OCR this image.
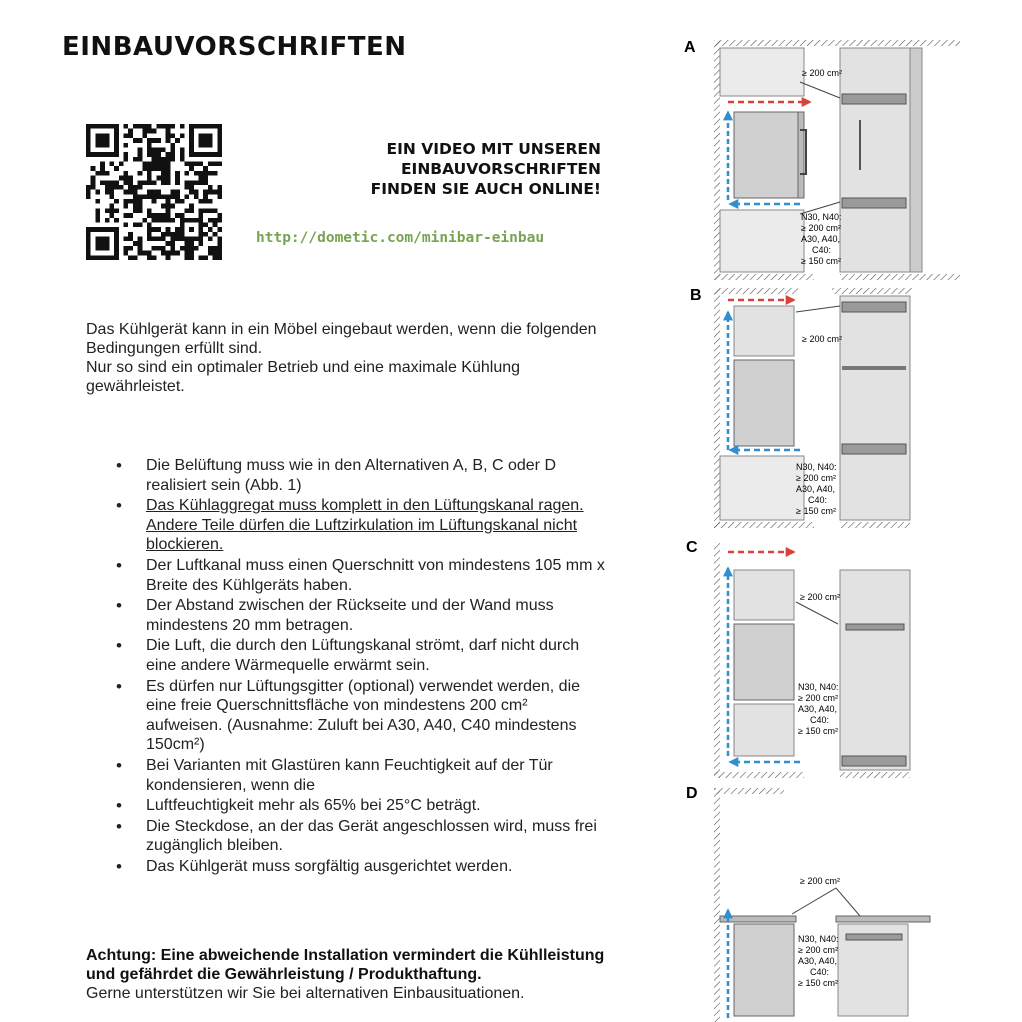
EINBAUVORSCHRIFTEN
EIN VIDEO MIT UNSEREN
EINBAUVORSCHRIFTEN
FINDEN SIE AUCH ONLINE!
http://dometic.com/minibar-einbau

Das Kühlgerät kann in ein Möbel eingebaut werden, wenn die folgenden Bedingungen erfüllt sind.

Nur so sind ein optimaler Betrieb und eine maximale Kühlung gewährleistet.

• Die Belüftung muss wie in den Alternativen A, B, C oder D realisiert sein (Abb. 1)
• Das Kühlaggregat muss komplett in den Lüftungskanal ragen. Andere Teile dürfen die Luftzirkulation im Lüftungskanal nicht blockieren.
• Der Luftkanal muss einen Querschnitt von mindestens 105 mm x Breite des Kühlgeräts haben.
• Der Abstand zwischen der Rückseite und der Wand muss mindestens 20 mm betragen.
• Die Luft, die durch den Lüftungskanal strömt, darf nicht durch eine andere Wärmequelle erwärmt sein.
• Es dürfen nur Lüftungsgitter (optional) verwendet werden, die eine freie Querschnittsfläche von mindestens 200 cm² aufweisen. (Ausnahme: Zuluft bei A30, A40, C40 mindestens 150cm²)
• Bei Varianten mit Glastüren kann Feuchtigkeit auf der Tür kondensieren, wenn die
• Luftfeuchtigkeit mehr als 65% bei 25°C beträgt.
• Die Steckdose, an der das Gerät angeschlossen wird, muss frei zugänglich bleiben.
• Das Kühlgerät muss sorgfältig ausgerichtet werden.
Achtung: Eine abweichende Installation vermindert die Kühlleistung und gefährdet die Gewährleistung / Produkthaftung.
Gerne unterstützen wir Sie bei alternativen Einbausituationen.
A
≥ 200 cm²
N30, N40:
≥ 200 cm²
A30, A40,
C40:
≥ 150 cm²
B
≥ 200 cm²
N30, N40:
≥ 200 cm²
A30, A40,
C40:
≥ 150 cm²
C
≥ 200 cm²
N30, N40:
≥ 200 cm²
A30, A40,
C40:
≥ 150 cm²
D
≥ 200 cm²
N30, N40:
≥ 200 cm²
A30, A40,
C40:
≥ 150 cm²
